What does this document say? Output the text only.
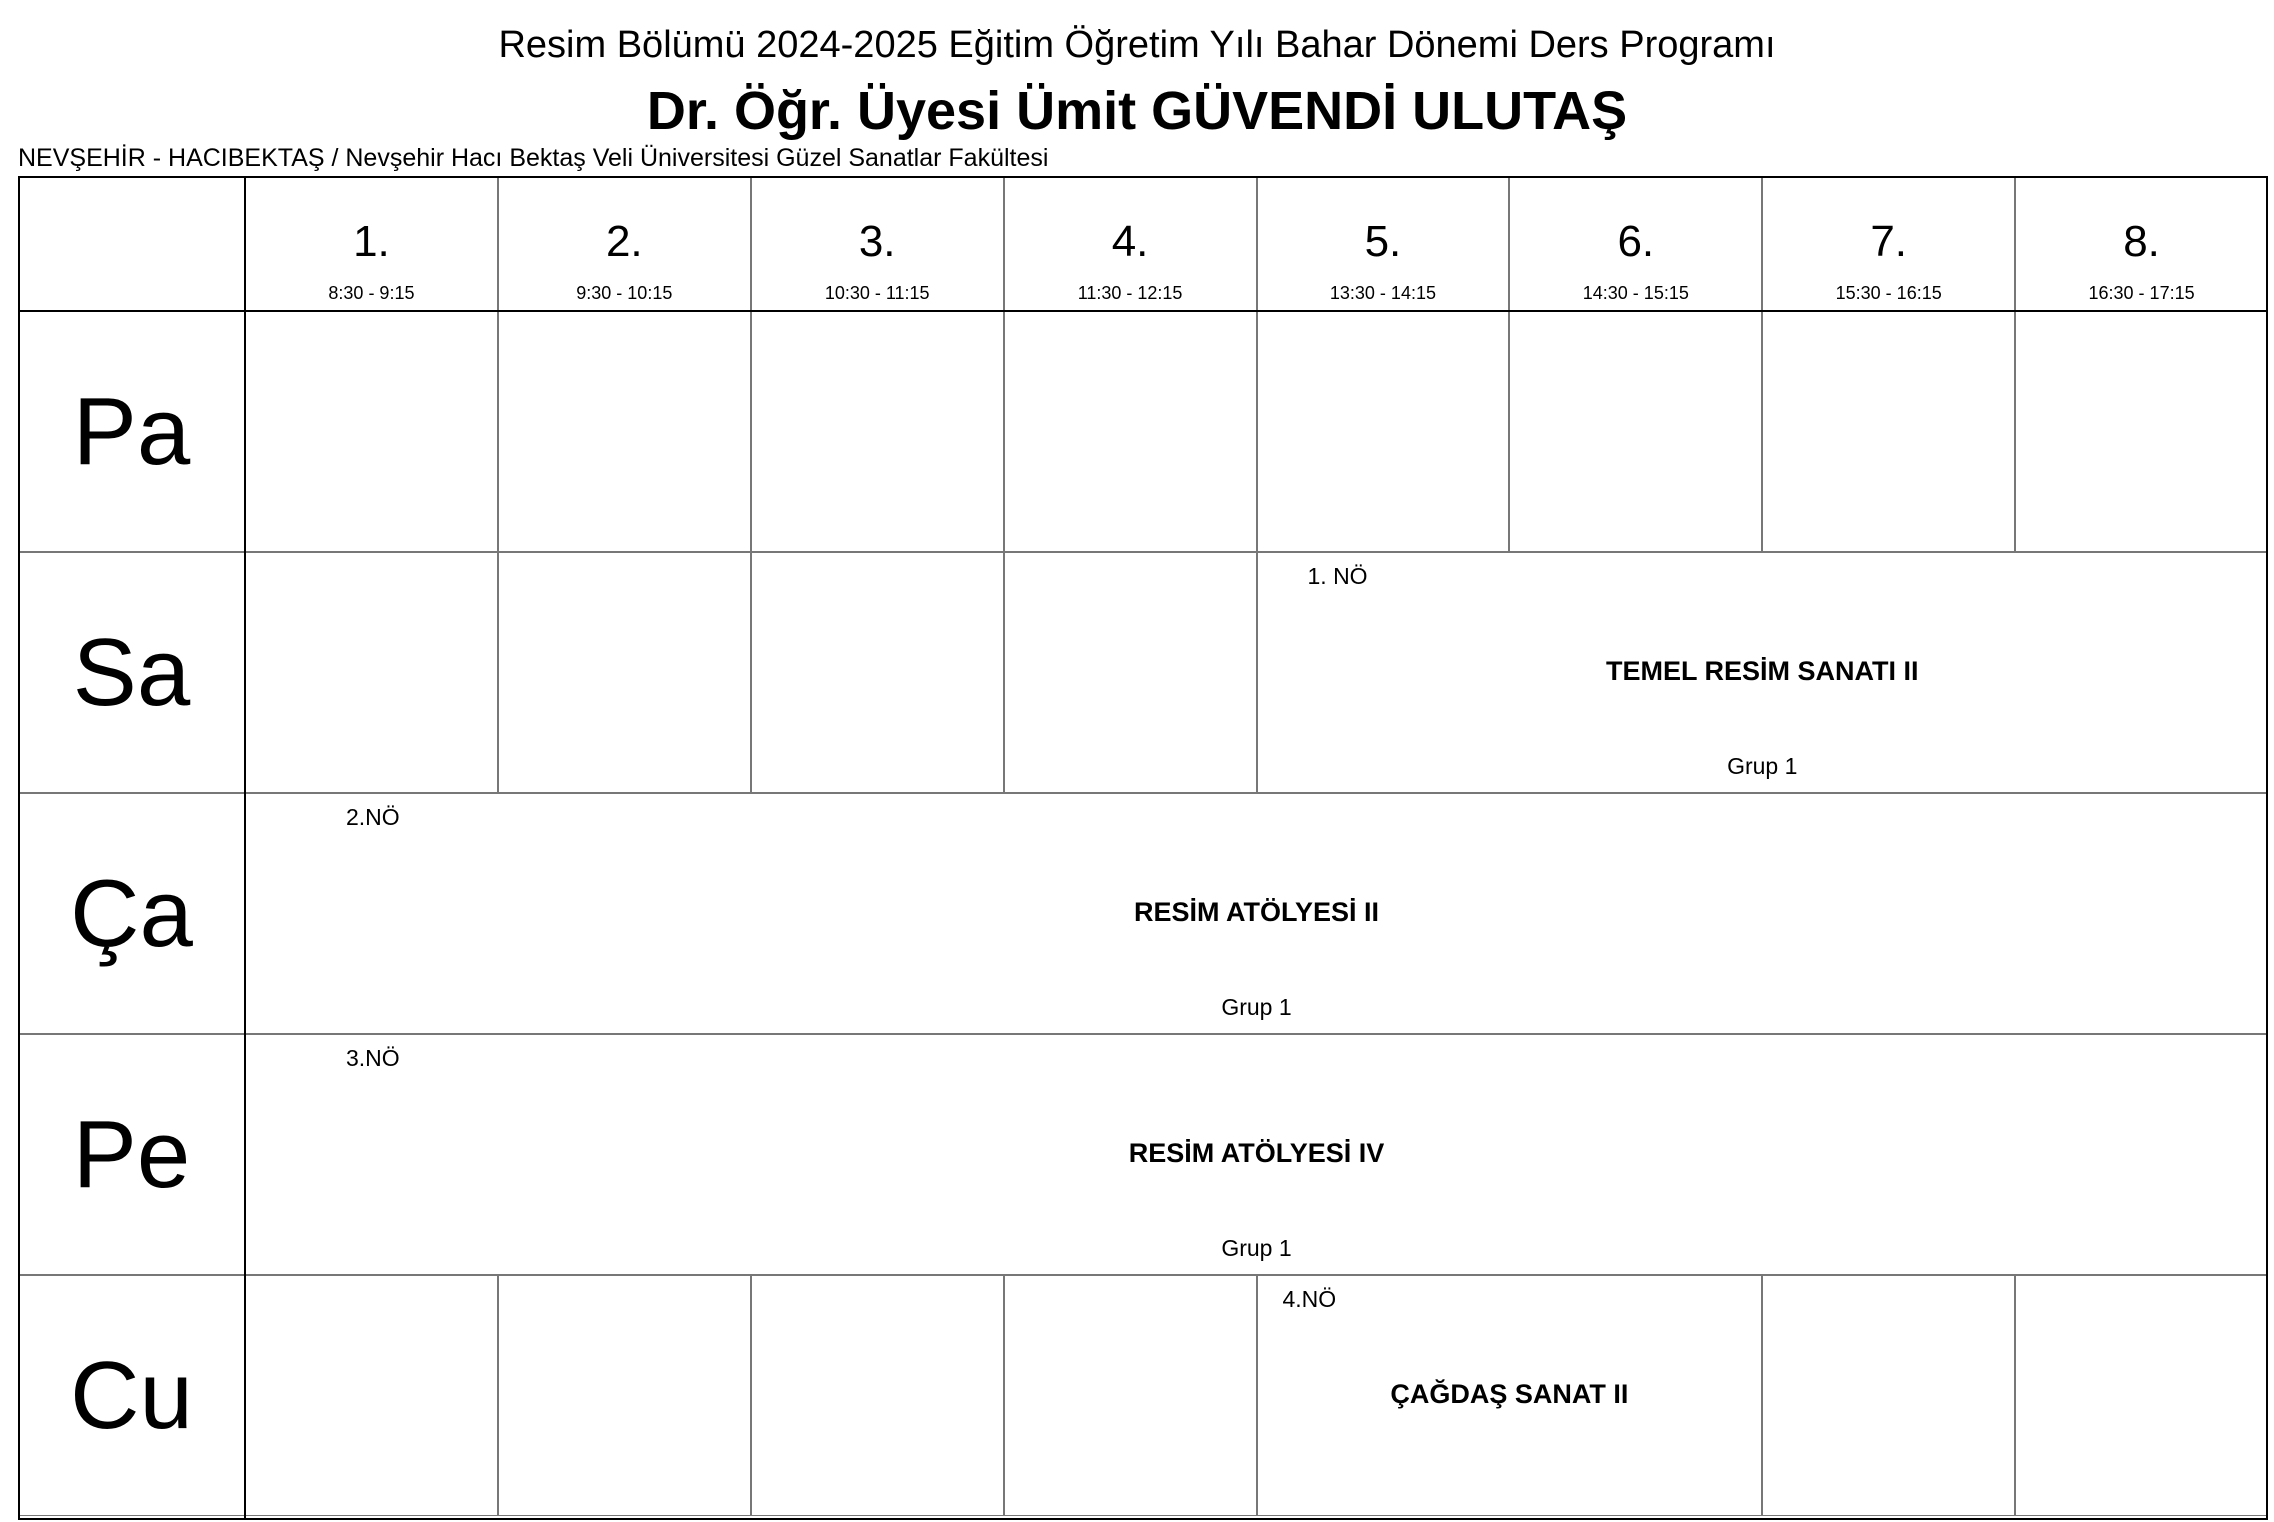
Resim Bölümü 2024-2025 Eğitim Öğretim Yılı Bahar Dönemi Ders Programı
Dr. Öğr. Üyesi Ümit GÜVENDİ ULUTAŞ
NEVŞEHİR - HACIBEKTAŞ / Nevşehir Hacı Bektaş Veli Üniversitesi Güzel Sanatlar Fakültesi
1.
8:30 - 9:15
2.
9:30 - 10:15
3.
10:30 - 11:15
4.
11:30 - 12:15
5.
13:30 - 14:15
6.
14:30 - 15:15
7.
15:30 - 16:15
8.
16:30 - 17:15
Pa
Sa
Ça
Pe
Cu
1. NÖ
TEMEL RESİM SANATI II
Grup 1
2.NÖ
RESİM ATÖLYESİ II
Grup 1
3.NÖ
RESİM ATÖLYESİ IV
Grup 1
4.NÖ
ÇAĞDAŞ SANAT II
